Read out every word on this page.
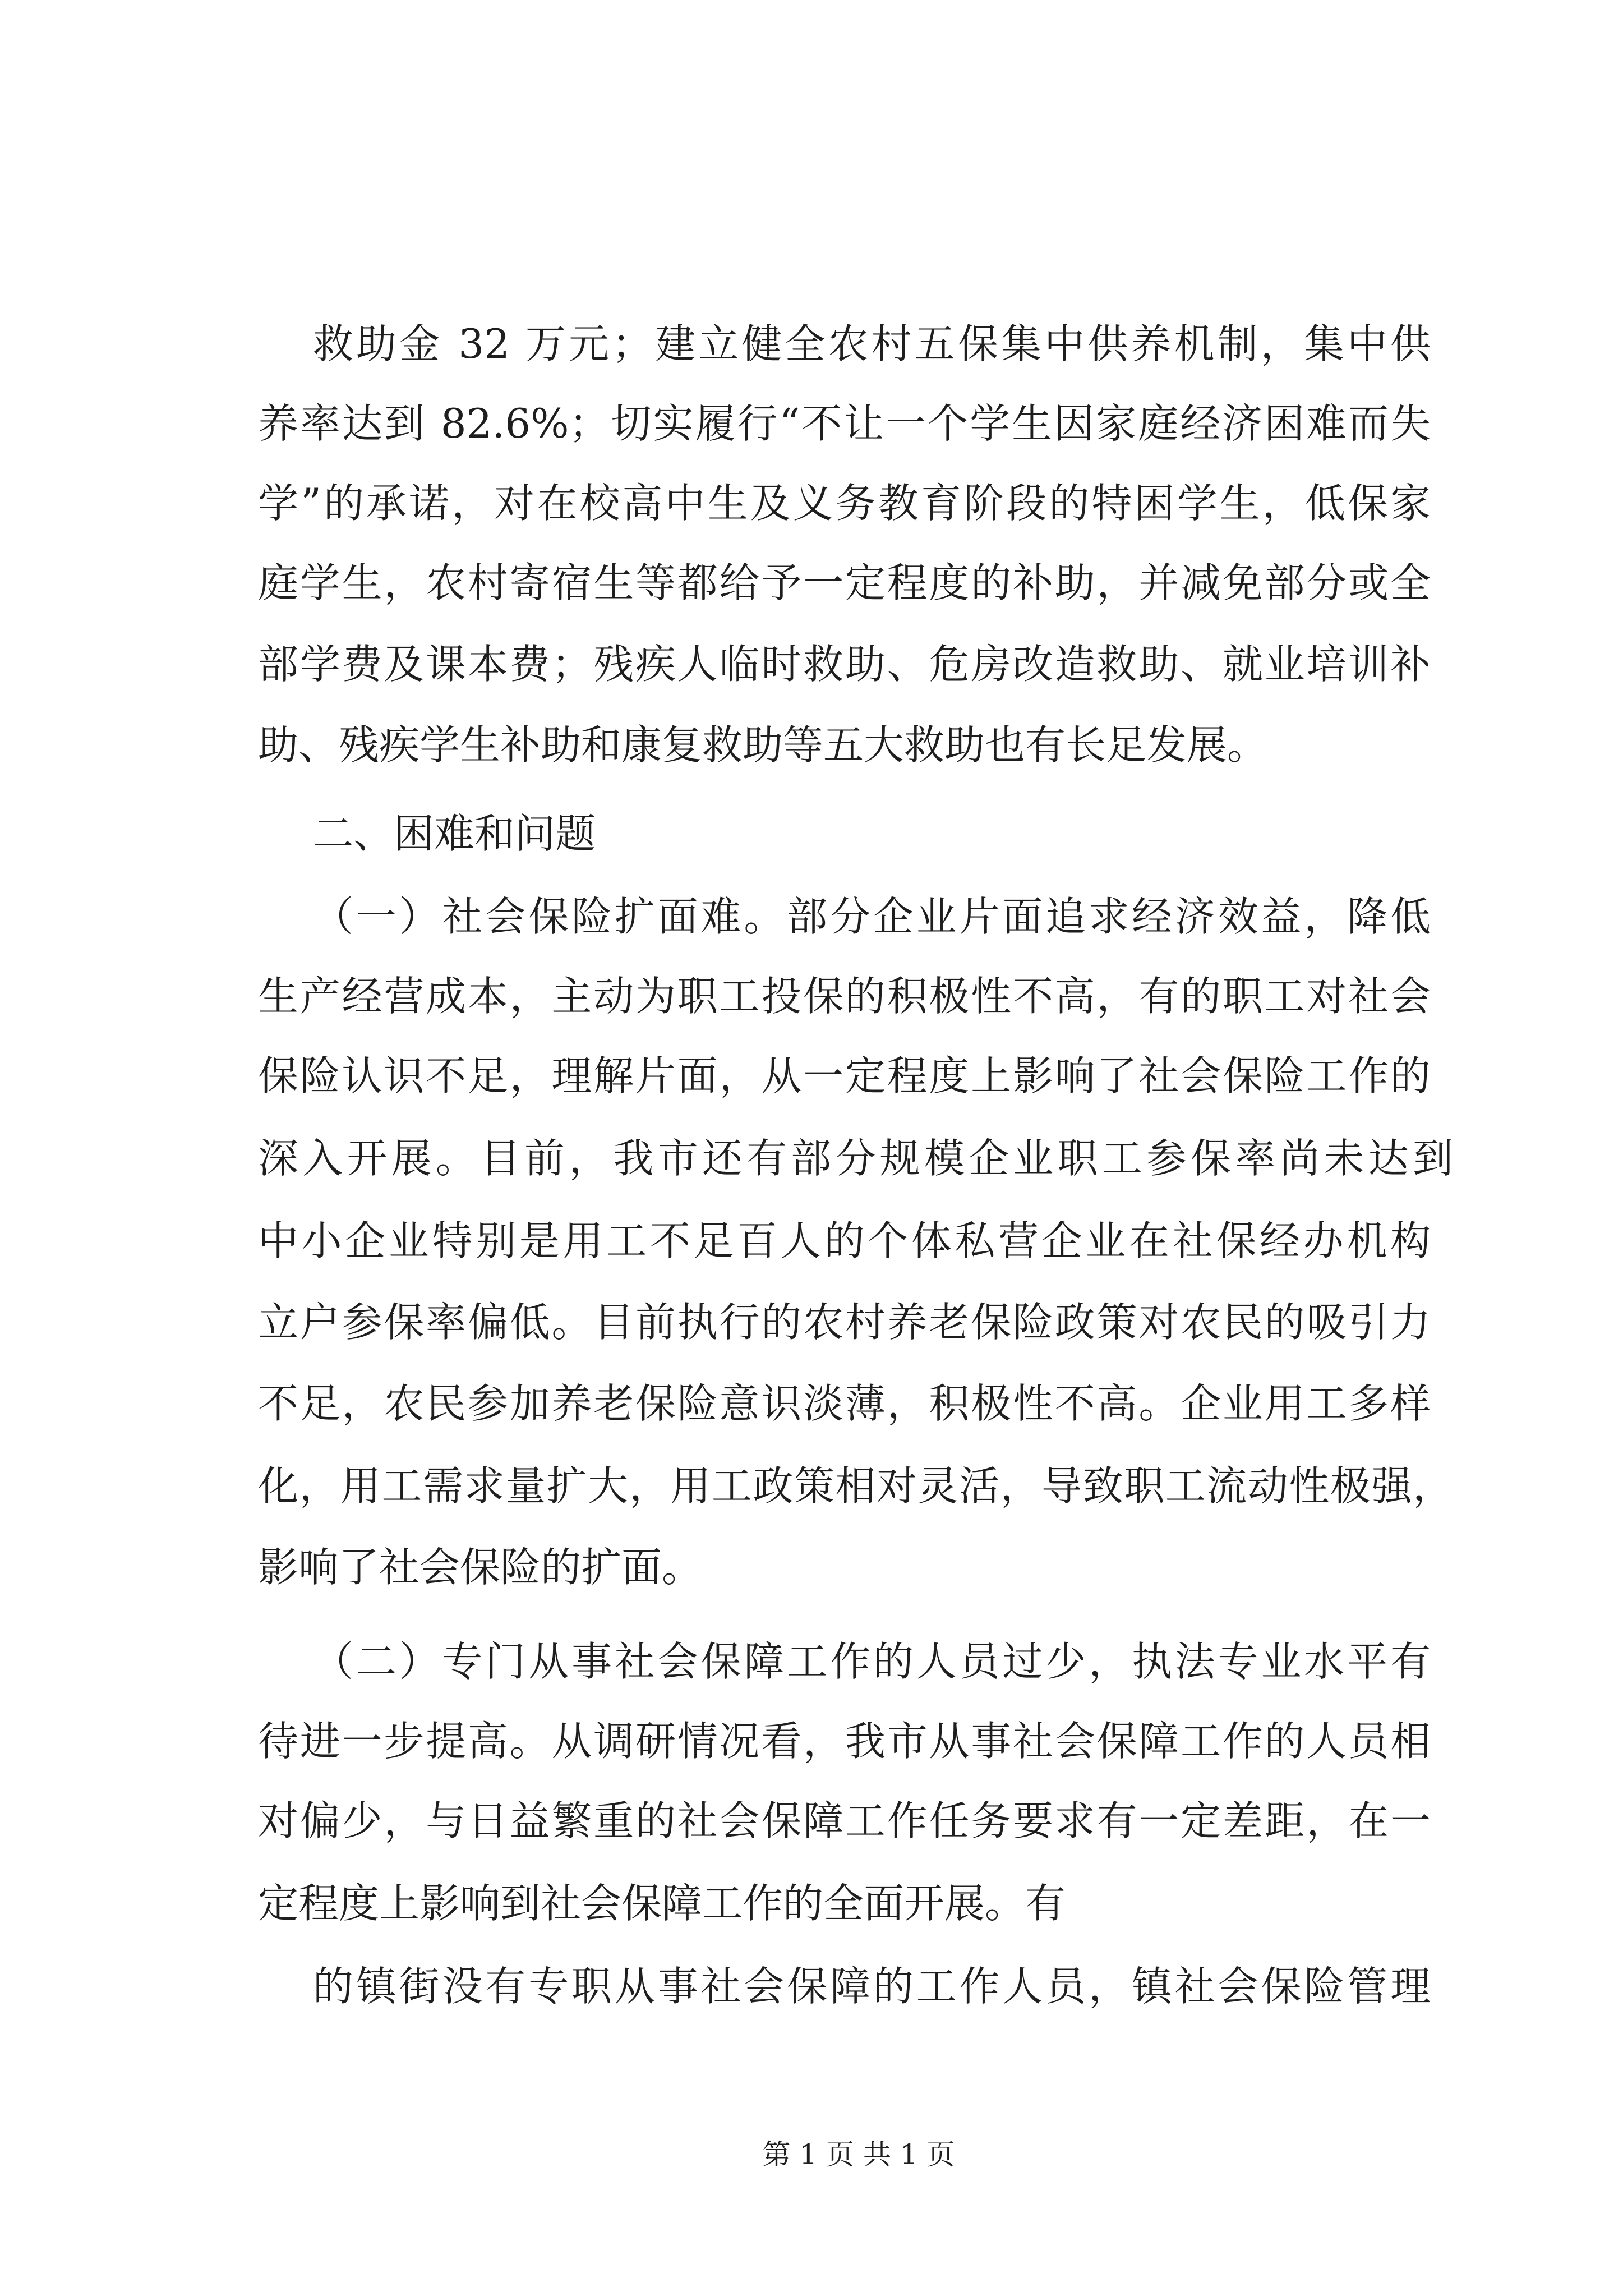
救助金 32 万元；建立健全农村五保集中供养机制，集中供
养率达到 82.6%；切实履行“不让一个学生因家庭经济困难而失
学”的承诺，对在校高中生及义务教育阶段的特困学生，低保家
庭学生，农村寄宿生等都给予一定程度的补助，并减免部分或全
部学费及课本费；残疾人临时救助、危房改造救助、就业培训补
助、残疾学生补助和康复救助等五大救助也有长足发展。
二、困难和问题
（一）社会保险扩面难。部分企业片面追求经济效益，降低
生产经营成本，主动为职工投保的积极性不高，有的职工对社会
保险认识不足，理解片面，从一定程度上影响了社会保险工作的
深入开展。目前，我市还有部分规模企业职工参保率尚未达到
中小企业特别是用工不足百人的个体私营企业在社保经办机构
立户参保率偏低。目前执行的农村养老保险政策对农民的吸引力
不足，农民参加养老保险意识淡薄，积极性不高。企业用工多样
化，用工需求量扩大，用工政策相对灵活，导致职工流动性极强，
影响了社会保险的扩面。
（二）专门从事社会保障工作的人员过少，执法专业水平有
待进一步提高。从调研情况看，我市从事社会保障工作的人员相
对偏少，与日益繁重的社会保障工作任务要求有一定差距，在一
定程度上影响到社会保障工作的全面开展。有
的镇街没有专职从事社会保障的工作人员，镇社会保险管理
第 1 页 共 1 页
